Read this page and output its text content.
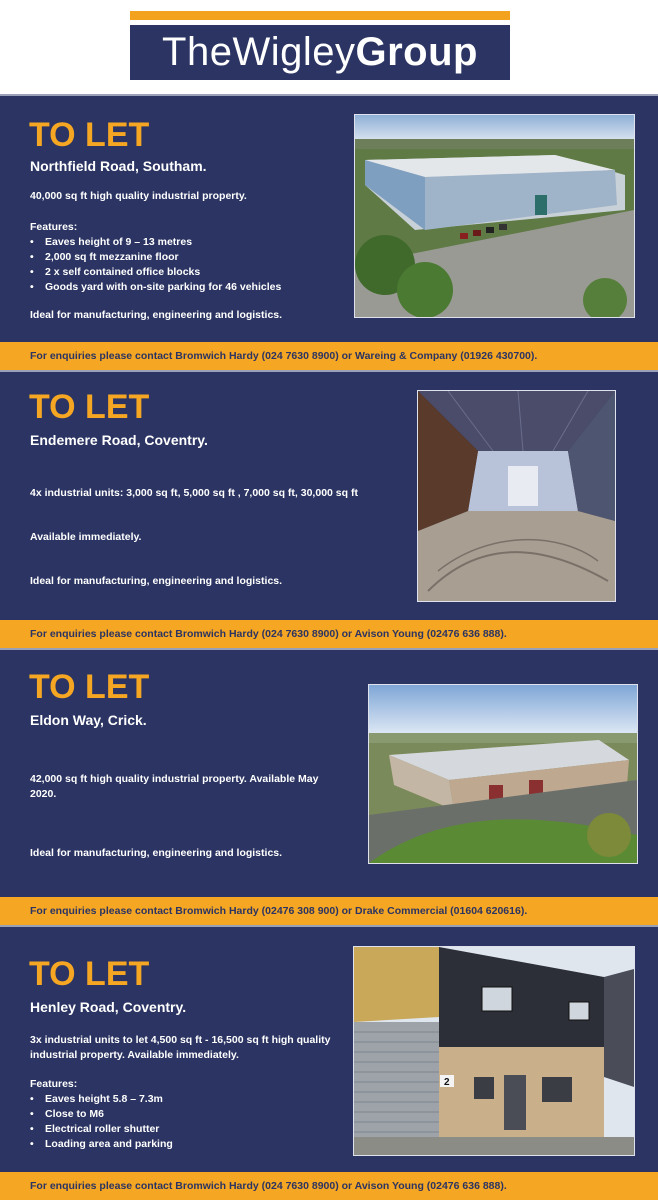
The Wigley Group
TO LET
Northfield Road, Southam.
40,000 sq ft high quality industrial property.
Features:
• Eaves height of 9 – 13 metres
• 2,000 sq ft mezzanine floor
• 2 x self contained office blocks
• Goods yard with on-site parking for 46 vehicles
Ideal for manufacturing, engineering and logistics.
For enquiries please contact Bromwich Hardy (024 7630 8900) or Wareing & Company (01926 430700).
TO LET
Endemere Road, Coventry.
4x industrial units: 3,000 sq ft, 5,000 sq ft , 7,000 sq ft, 30,000 sq ft
Available immediately.
Ideal for manufacturing, engineering and logistics.
For enquiries please contact Bromwich Hardy (024 7630 8900) or Avison Young (02476 636 888).
TO LET
Eldon Way, Crick.
42,000 sq ft high quality industrial property. Available May 2020.
Ideal for manufacturing, engineering and logistics.
For enquiries please contact Bromwich Hardy (02476 308 900) or Drake Commercial (01604 620616).
TO LET
Henley Road, Coventry.
3x industrial units to let 4,500 sq ft - 16,500 sq ft high quality industrial property. Available immediately.
Features:
• Eaves height 5.8 – 7.3m
• Close to M6
• Electrical roller shutter
• Loading area and parking
2
For enquiries please contact Bromwich Hardy (024 7630 8900) or Avison Young (02476 636 888).
